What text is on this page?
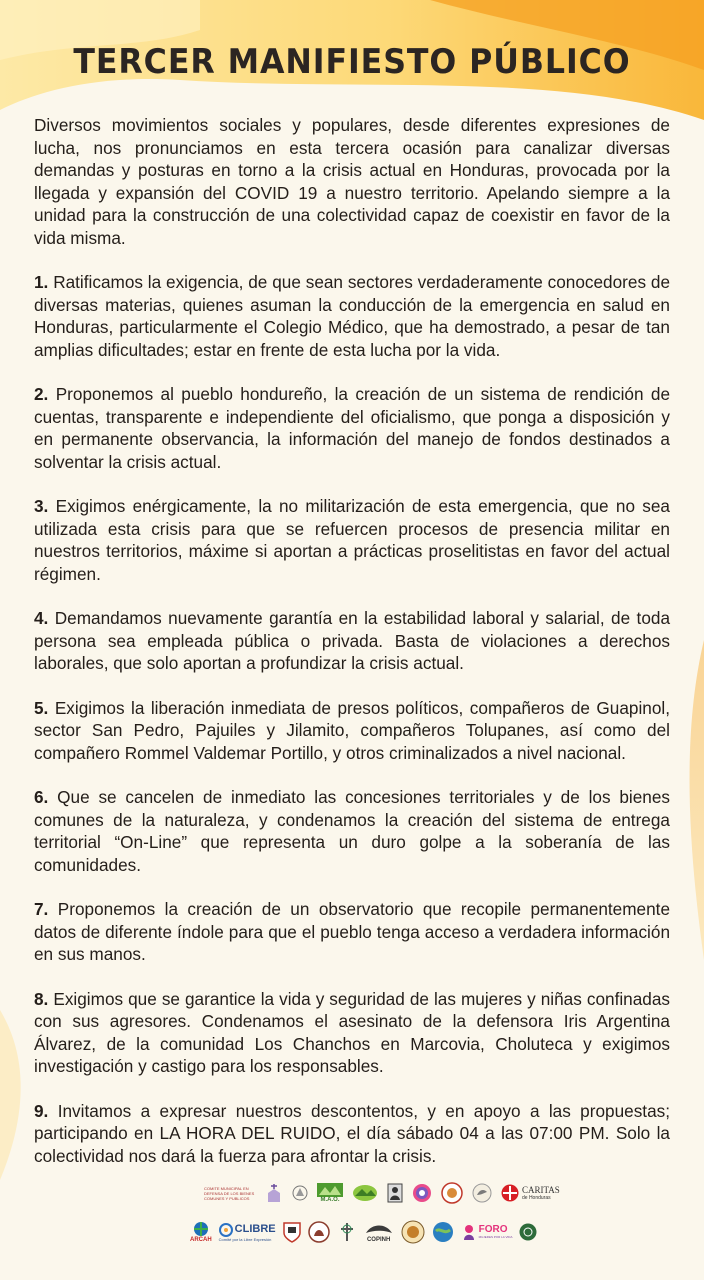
TERCER MANIFIESTO PÚBLICO

Diversos movimientos sociales y populares, desde diferentes expresiones de lucha, nos pronunciamos en esta tercera ocasión para canalizar diversas demandas y posturas en torno a la crisis actual en Honduras, provocada por la llegada y expansión del COVID 19 a nuestro territorio. Apelando siempre a la unidad para la construcción de una colectividad capaz de coexistir en favor de la vida misma.

1. Ratificamos la exigencia, de que sean sectores verdaderamente conocedores de diversas materias, quienes asuman la conducción de la emergencia en salud en Honduras, particularmente el Colegio Médico, que ha demostrado, a pesar de tan amplias dificultades; estar en frente de esta lucha por la vida.

2. Proponemos al pueblo hondureño, la creación de un sistema de rendición de cuentas, transparente e independiente del oficialismo, que ponga a disposición y en permanente observancia, la información del manejo de fondos destinados a solventar la crisis actual.

3. Exigimos enérgicamente, la no militarización de esta emergencia, que no sea utilizada esta crisis para que se refuercen procesos de presencia militar en nuestros territorios, máxime si aportan a prácticas proselitistas en favor del actual régimen.

4. Demandamos nuevamente garantía en la estabilidad laboral y salarial, de toda persona sea empleada pública o privada. Basta de violaciones a derechos laborales, que solo aportan a profundizar la crisis actual.

5. Exigimos la liberación inmediata de presos políticos, compañeros de Guapinol, sector San Pedro, Pajuiles y Jilamito, compañeros Tolupanes, así como del compañero Rommel Valdemar Portillo, y otros criminalizados a nivel nacional.

6. Que se cancelen de inmediato las concesiones territoriales y de los bienes comunes de la naturaleza, y condenamos la creación del sistema de entrega territorial “On-Line” que representa un duro golpe a la soberanía de las comunidades.

7. Proponemos la creación de un observatorio que recopile permanentemente datos de diferente índole para que el pueblo tenga acceso a verdadera información en sus manos.

8. Exigimos que se garantice la vida y seguridad de las mujeres y niñas confinadas con sus agresores. Condenamos el asesinato de la defensora Iris Argentina Álvarez, de la comunidad Los Chanchos en Marcovia, Choluteca y exigimos investigación y castigo para los responsables.

9. Invitamos a expresar nuestros descontentos, y en apoyo a las propuestas; participando en LA HORA DEL RUIDO, el día sábado 04 a las 07:00 PM. Solo la colectividad nos dará la fuerza para afrontar la crisis.

COMITE MUNICIPAL EN DEFENSA DE LOS BIENES COMUNES Y PUBLICOS	M.A.O.
CARITAS
de Honduras
ARCAH
CLIBRE
Comité por la Libre Expresión	COPINH
FORO
MUJERES POR LA VIDA
